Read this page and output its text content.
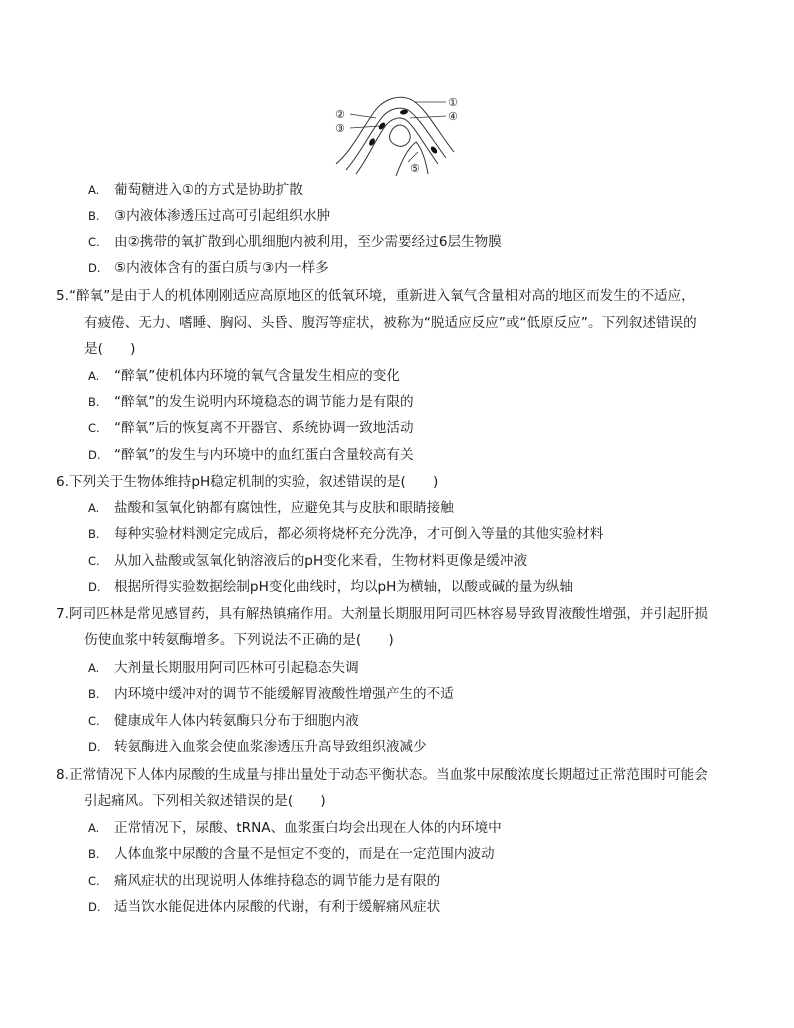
①
②
③
④
⑤
A. 葡萄糖进入①的方式是协助扩散
B. ③内液体渗透压过高可引起组织水肿
C. 由②携带的氧扩散到心肌细胞内被利用，至少需要经过6层生物膜
D. ⑤内液体含有的蛋白质与③内一样多
5.“醉氧”是由于人的机体刚刚适应高原地区的低氧环境，重新进入氧气含量相对高的地区而发生的不适应，
有疲倦、无力、嗜睡、胸闷、头昏、腹泻等症状，被称为“脱适应反应”或“低原反应”。下列叙述错误的
是(　　)
A. “醉氧”使机体内环境的氧气含量发生相应的变化
B. “醉氧”的发生说明内环境稳态的调节能力是有限的
C. “醉氧”后的恢复离不开器官、系统协调一致地活动
D. “醉氧”的发生与内环境中的血红蛋白含量较高有关
6.下列关于生物体维持pH稳定机制的实验，叙述错误的是(　　)
A. 盐酸和氢氧化钠都有腐蚀性，应避免其与皮肤和眼睛接触
B. 每种实验材料测定完成后，都必须将烧杯充分洗净，才可倒入等量的其他实验材料
C. 从加入盐酸或氢氧化钠溶液后的pH变化来看，生物材料更像是缓冲液
D. 根据所得实验数据绘制pH变化曲线时，均以pH为横轴，以酸或碱的量为纵轴
7.阿司匹林是常见感冒药，具有解热镇痛作用。大剂量长期服用阿司匹林容易导致胃液酸性增强，并引起肝损
伤使血浆中转氨酶增多。下列说法不正确的是(　　)
A. 大剂量长期服用阿司匹林可引起稳态失调
B. 内环境中缓冲对的调节不能缓解胃液酸性增强产生的不适
C. 健康成年人体内转氨酶只分布于细胞内液
D. 转氨酶进入血浆会使血浆渗透压升高导致组织液减少
8.正常情况下人体内尿酸的生成量与排出量处于动态平衡状态。当血浆中尿酸浓度长期超过正常范围时可能会
引起痛风。下列相关叙述错误的是(　　)
A. 正常情况下，尿酸、tRNA、血浆蛋白均会出现在人体的内环境中
B. 人体血浆中尿酸的含量不是恒定不变的，而是在一定范围内波动
C. 痛风症状的出现说明人体维持稳态的调节能力是有限的
D. 适当饮水能促进体内尿酸的代谢，有利于缓解痛风症状
